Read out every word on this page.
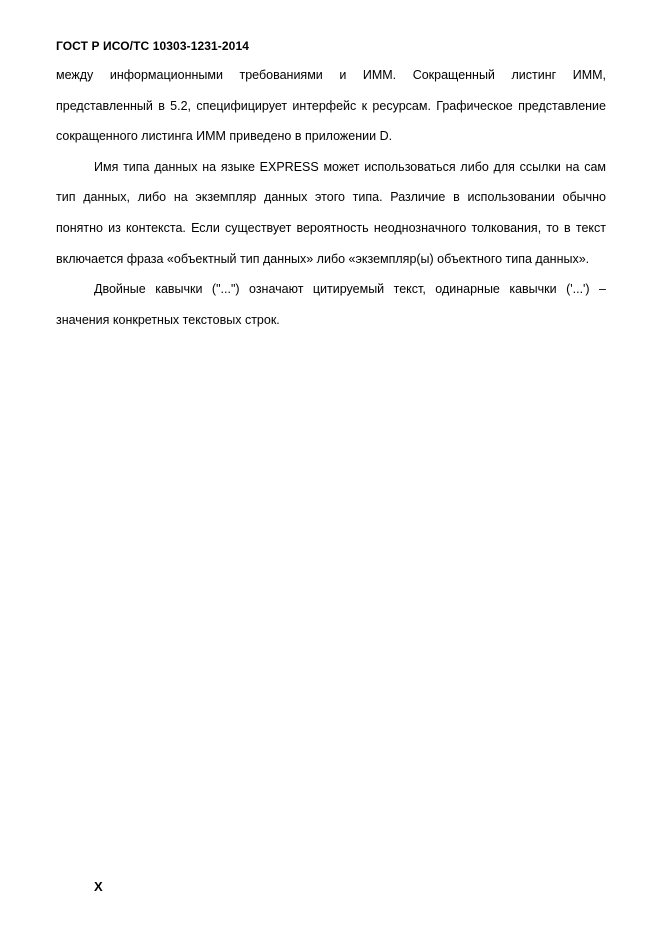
ГОСТ Р ИСО/ТС 10303-1231-2014

между информационными требованиями и ИММ. Сокращенный листинг ИММ, представленный в 5.2, специфицирует интерфейс к ресурсам. Графическое представление сокращенного листинга ИММ приведено в приложении D.

Имя типа данных на языке EXPRESS может использоваться либо для ссылки на сам тип данных, либо на экземпляр данных этого типа. Различие в использовании обычно понятно из контекста. Если существует вероятность неоднозначного толкования, то в текст включается фраза «объектный тип данных» либо «экземпляр(ы) объектного типа данных».

Двойные кавычки ("...") означают цитируемый текст, одинарные кавычки ('...') – значения конкретных текстовых строк.

X
